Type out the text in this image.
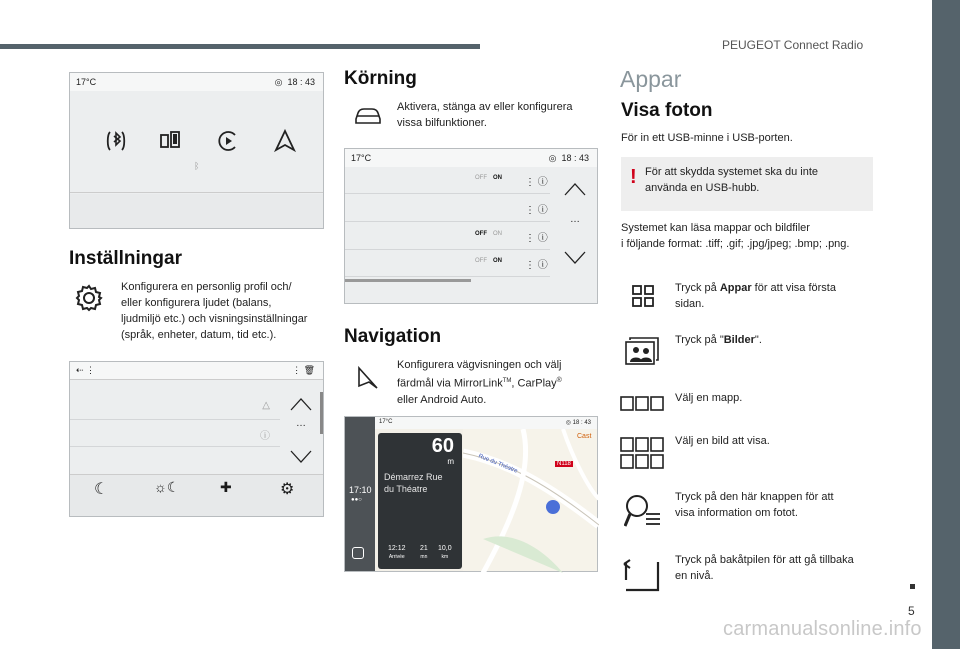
PEUGEOT Connect Radio
17°C	◎  18 : 43
ᛒ
Inställningar
Konfigurera en personlig profil och/
eller konfigurera ljudet (balans,
ljudmiljö etc.) och visningsinställningar
(språk, enheter, datum, tid etc.).
⇠ ⋮	⋮ 🗑︎
△
ⓘ
…
☾	☼☾	✚	⚙
Körning
Aktivera, stänga av eller konfigurera
vissa bilfunktioner.
17°C	◎  18 : 43
OFF ON ⋮ ⓘ
⋮ ⓘ
OFF ON ⋮ ⓘ
OFF ON ⋮ ⓘ
…
Navigation
Konfigurera vägvisningen och välj
färdmål via MirrorLink™, CarPlay®
eller Android Auto.
Rue du Théatre	N118
Cast
17°C	◎ 18 : 43
17:10
●●○
60
m
Démarrez Rue
du Théatre
12:12
Arrivée
21
mn
10,0
km
Appar
Visa foton
För in ett USB-minne i USB-porten.
! För att skydda systemet ska du inte
använda en USB-hubb.
Systemet kan läsa mappar och bildfiler
i följande format: .tiff; .gif; .jpg/jpeg; .bmp; .png.
Tryck på Appar för att visa första
sidan.
Tryck på "Bilder".
Välj en mapp.
Välj en bild att visa.
Tryck på den här knappen för att
visa information om fotot.
Tryck på bakåtpilen för att gå tillbaka
en nivå.
5
carmanualsonline.info
